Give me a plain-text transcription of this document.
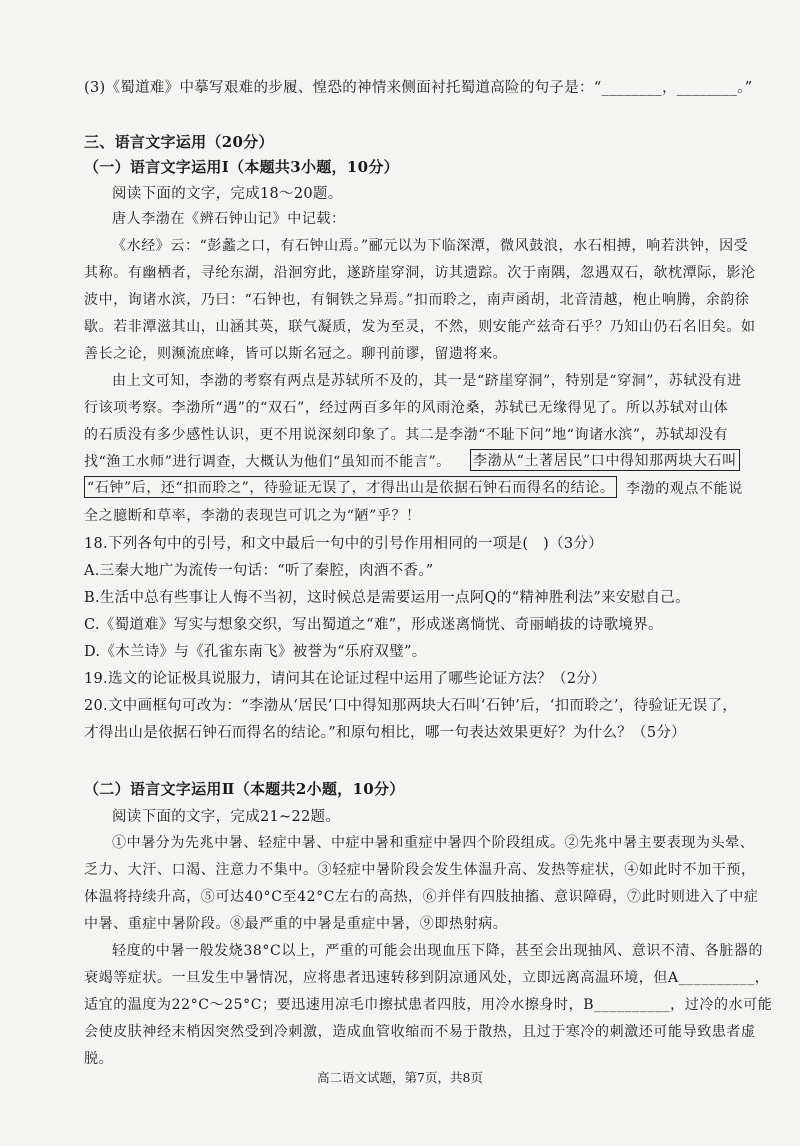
(3)《蜀道难》中摹写艰难的步履、惶恐的神情来侧面衬托蜀道高险的句子是：“________，________。”
三、语言文字运用（20分）
（一）语言文字运用Ⅰ（本题共3小题，10分）
阅读下面的文字，完成18～20题。
唐人李渤在《辨石钟山记》中记载：
《水经》云：“彭蠡之口，有石钟山焉。”郦元以为下临深潭，微风鼓浪，水石相搏，响若洪钟，因受
其称。有幽栖者，寻纶东湖，沿洄穷此，遂跻崖穿洞，访其遗踪。次于南隅，忽遇双石，欹枕潭际，影沦
波中，询诸水滨，乃曰：“石钟也，有铜铁之异焉。”扣而聆之，南声函胡，北音清越，枹止响腾，余韵徐
歇。若非潭滋其山，山涵其英，联气凝质，发为至灵，不然，则安能产兹奇石乎？乃知山仍石名旧矣。如
善长之论，则濒流庶峰，皆可以斯名冠之。聊刊前谬，留遗将来。
由上文可知，李渤的考察有两点是苏轼所不及的，其一是“跻崖穿洞”，特别是“穿洞”，苏轼没有进
行该项考察。李渤所“遇”的“双石”，经过两百多年的风雨沧桑，苏轼已无缘得见了。所以苏轼对山体
的石质没有多少感性认识，更不用说深刻印象了。其二是李渤“不耻下问”地“询诸水滨”，苏轼却没有
找“渔工水师”进行调查，大概认为他们“虽知而不能言”。 李渤从“土著居民”口中得知那两块大石叫
“石钟”后，还“扣而聆之”，待验证无误了，才得出山是依据石钟石而得名的结论。 李渤的观点不能说
全之臆断和草率，李渤的表现岂可讥之为“陋”乎？！
18.下列各句中的引号，和文中最后一句中的引号作用相同的一项是(　)（3分）
A.三秦大地广为流传一句话：“听了秦腔，肉酒不香。”
B.生活中总有些事让人悔不当初，这时候总是需要运用一点阿Q的“精神胜利法”来安慰自己。
C.《蜀道难》写实与想象交织，写出蜀道之“难”，形成迷离惝恍、奇丽峭拔的诗歌境界。
D.《木兰诗》与《孔雀东南飞》被誉为“乐府双璧”。
19.选文的论证极具说服力，请问其在论证过程中运用了哪些论证方法？（2分）
20.文中画框句可改为：“李渤从‘居民’口中得知那两块大石叫‘石钟’后，‘扣而聆之’，待验证无误了，
才得出山是依据石钟石而得名的结论。”和原句相比，哪一句表达效果更好？为什么？（5分）
（二）语言文字运用Ⅱ（本题共2小题，10分）
阅读下面的文字，完成21~22题。
①中暑分为先兆中暑、轻症中暑、中症中暑和重症中暑四个阶段组成。②先兆中暑主要表现为头晕、
乏力、大汗、口渴、注意力不集中。③轻症中暑阶段会发生体温升高、发热等症状，④如此时不加干预，
体温将持续升高，⑤可达40°C至42°C左右的高热，⑥并伴有四肢抽搐、意识障碍，⑦此时则进入了中症
中暑、重症中暑阶段。⑧最严重的中暑是重症中暑，⑨即热射病。
轻度的中暑一般发烧38°C以上，严重的可能会出现血压下降，甚至会出现抽风、意识不清、各脏器的
衰竭等症状。一旦发生中暑情况，应将患者迅速转移到阴凉通风处，立即远离高温环境，但A__________，
适宜的温度为22°C～25°C；要迅速用凉毛巾擦拭患者四肢，用冷水擦身时，B__________，过冷的水可能
会使皮肤神经末梢因突然受到冷刺激，造成血管收缩而不易于散热，且过于寒冷的刺激还可能导致患者虚
脱。
高二语文试题，第7页，共8页
